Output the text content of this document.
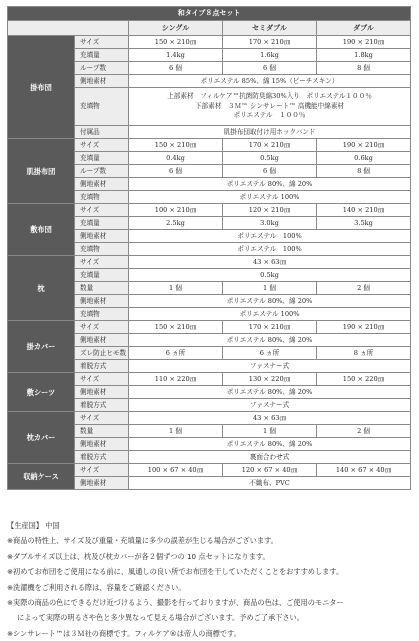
和タイプ８点セット				
		シングル	セミダブル	ダブル
掛布団	サイズ	150 × 210㎝	170 × 210㎝	190 × 210㎝
	充填量	1.4kg	1.6kg	1.8kg
	ループ数	6 個	6 個	8 個
	側地素材	ポリエステル 85%、綿 15%（ピーチスキン）		
	充填物	上部素材　フィルケア™抗菌防臭綿30%入り　ポリエステル１００％
下部素材　３Ｍ™ シンサレート™ 高機能中綿素材
ポリエステル　１００％		

	付属品	肌掛布団取付け用ホックバンド		
肌掛布団	サイズ	150 × 210㎝	170 × 210㎝	190 × 210㎝
	充填量	0.4kg	0.5kg	0.6kg
	ループ数	6 個	6 個	8 個
	側地素材	ポリエステル 80%、綿 20%		
	充填物	ポリエステル 100%		
敷布団	サイズ	100 × 210㎝	120 × 210㎝	140 × 210㎝
	充填量	2.5kg	3.0kg	3.5kg
	側地素材	ポリエステル　100%		
	充填物	ポリエステル　100%		
枕	サイズ	43 × 63㎝		
	充填量	0.5kg		
	数量	1 個	1 個	2 個
	側地素材	ポリエステル 80%、綿 20%		
	充填物	ポリエステル 100%		
掛カバー	サイズ	150 × 210㎝	170 × 210㎝	190 × 210㎝
	側地素材	ポリエステル 80%、綿 20%		
	ズレ防止ヒモ数	6 ヵ所	6 ヵ所	8 ヵ所
	着脱方式	ファスナー式		
敷シーツ	サイズ	110 × 220㎝	130 × 220㎝	150 × 220㎝
	側地素材	ポリエステル 80%、綿 20%		
	着脱方式	ファスナー式		
枕カバー	サイズ	43 × 63㎝		
	数量	1 個	1 個	2 個
	側地素材	ポリエステル 80%、綿 20%		
	着脱方式	裏面合わせ式		
収納ケース	サイズ	100 × 67 × 40㎝	120 × 67 × 40㎝	140 × 67 × 40㎝
	側地素材	不織布、PVC		
【生産国】 中国
※商品の特性上、サイズ及び重量・充填量に多少の誤差が生じる場合がございます。
※ダブルサイズ以上は、枕及び枕カバーが各２個ずつの 10 点セットになります。
※初めてお布団をご使用になる前に、風通しの良い所でお布団を干していただくことをおすすめします。
※洗濯機をご利用される際は、容量をご確認ください。
※実際の商品の色にできるだけ近づけるよう、撮影を行っておりますが、商品の色は、ご使用のモニター
によって実際の明るさや色と多少異なって見える場合がございます。予めご了承下さい。
※シンサレート™は３Ｍ社の商標です。フィルケア®は帝人の商標です。
